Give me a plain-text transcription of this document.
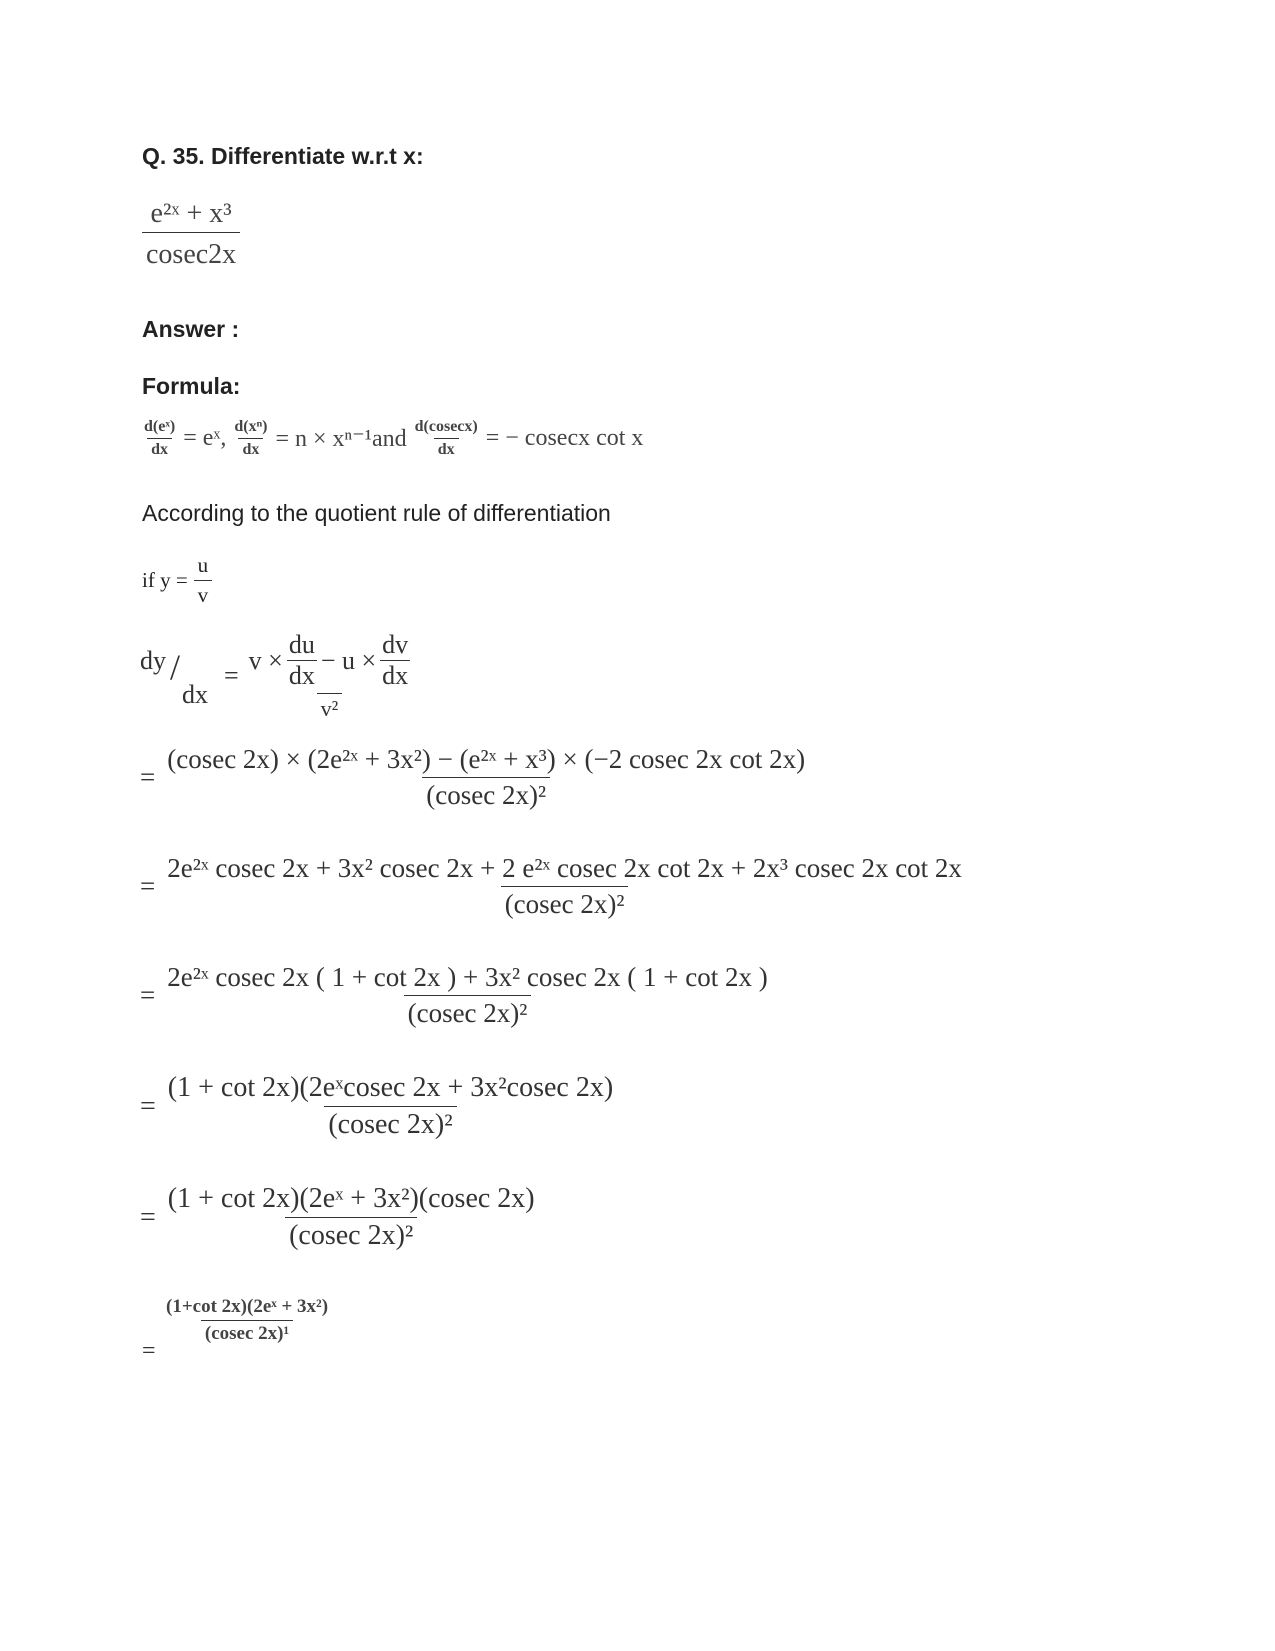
Q. 35. Differentiate w.r.t x:
$\frac{\text{e²ˣ + x³}}{cosec2x}$
Answer :
Formula:
$\frac{\text{d(eˣ)}}{dx}$ = eˣ, $\frac{\text{d(xⁿ)}}{dx} = n \times x^{n-1}and \frac{d(cosecx)}{dx}$ = − cosecx cot x
According to the quotient rule of differentiation
if $y = \frac{u}{v}$
dy /
dx
=
$v \times \frac{du}{dx} - u \times \frac{dv}{dx}$
v²
=
(cosec 2x) × (2e²ˣ + 3x²) − (e²ˣ + x³) × (−2 cosec 2x cot 2x)
(cosec 2x)²
=
2e²ˣ cosec 2x + 3x² cosec 2x + 2 e²ˣ cosec 2x cot 2x + 2x³ cosec 2x cot 2x
(cosec 2x)²
= $\frac{\text{2e²ˣ cosec 2x ( 1 + cot 2x ) + 3x² cosec 2x ( 1 + cot 2x )}}{\text{(cosec 2x)²}}$
= $\frac{\text{(1 + cot 2x)(2eˣcosec 2x + 3x²cosec 2x)}}{\text{(cosec 2x)²}}$
= $\frac{\text{(1 + cot 2x)(2eˣ + 3x²)(cosec 2x)}}{\text{(cosec 2x)²}}$
$\frac{\text{(1+cot 2x)(2eˣ + 3x²)}}{\text{(cosec 2x)¹}}$
=
